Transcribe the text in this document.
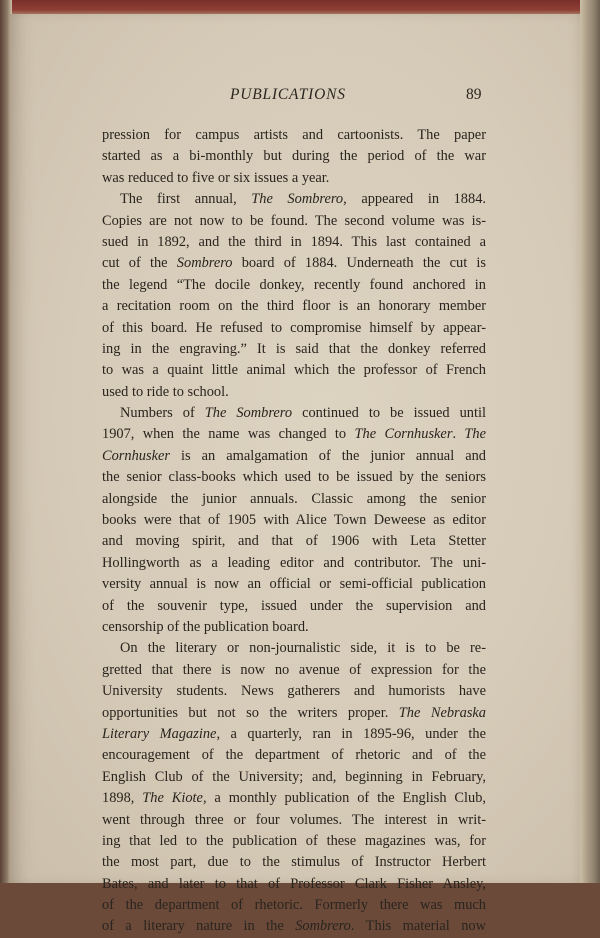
PUBLICATIONS	89
pression for campus artists and cartoonists. The paper
started as a bi-monthly but during the period of the war
was reduced to five or six issues a year.
The first annual, The Sombrero, appeared in 1884.
Copies are not now to be found. The second volume was is-
sued in 1892, and the third in 1894. This last contained a
cut of the Sombrero board of 1884. Underneath the cut is
the legend “The docile donkey, recently found anchored in
a recitation room on the third floor is an honorary member
of this board. He refused to compromise himself by appear-
ing in the engraving.” It is said that the donkey referred
to was a quaint little animal which the professor of French
used to ride to school.
Numbers of The Sombrero continued to be issued until
1907, when the name was changed to The Cornhusker. The
Cornhusker is an amalgamation of the junior annual and
the senior class-books which used to be issued by the seniors
alongside the junior annuals. Classic among the senior
books were that of 1905 with Alice Town Deweese as editor
and moving spirit, and that of 1906 with Leta Stetter
Hollingworth as a leading editor and contributor. The uni-
versity annual is now an official or semi-official publication
of the souvenir type, issued under the supervision and
censorship of the publication board.
On the literary or non-journalistic side, it is to be re-
gretted that there is now no avenue of expression for the
University students. News gatherers and humorists have
opportunities but not so the writers proper. The Nebraska
Literary Magazine, a quarterly, ran in 1895-96, under the
encouragement of the department of rhetoric and of the
English Club of the University; and, beginning in February,
1898, The Kiote, a monthly publication of the English Club,
went through three or four volumes. The interest in writ-
ing that led to the publication of these magazines was, for
the most part, due to the stimulus of Instructor Herbert
Bates, and later to that of Professor Clark Fisher Ansley,
of the department of rhetoric. Formerly there was much
of a literary nature in the Sombrero. This material now
